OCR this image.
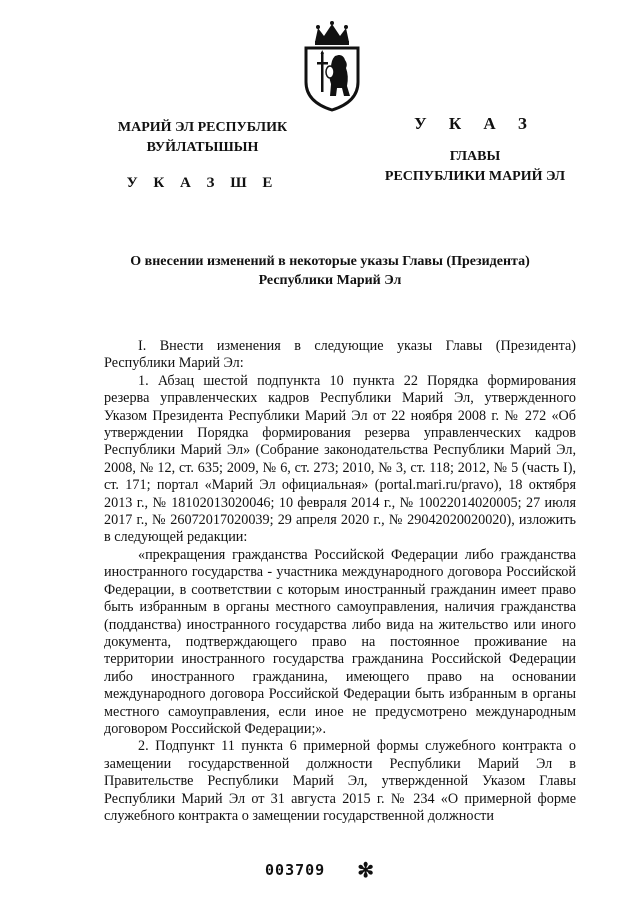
МАРИЙ ЭЛ РЕСПУБЛИК
ВУЙЛАТЫШЫН
У К А З Ш Е
У К А З
ГЛАВЫ
РЕСПУБЛИКИ МАРИЙ ЭЛ
О внесении изменений в некоторые указы Главы (Президента)
Республики Марий Эл

I. Внести изменения в следующие указы Главы (Президента) Республики Марий Эл:

1. Абзац шестой подпункта 10 пункта 22 Порядка формирования резерва управленческих кадров Республики Марий Эл, утвержденного Указом Президента Республики Марий Эл от 22 ноября 2008 г. № 272 «Об утверждении Порядка формирования резерва управленческих кадров Республики Марий Эл» (Собрание законодательства Республики Марий Эл, 2008, № 12, ст. 635; 2009, № 6, ст. 273; 2010, № 3, ст. 118; 2012, № 5 (часть I), ст. 171; портал «Марий Эл официальная» (portal.mari.ru/pravo), 18 октября 2013 г., № 18102013020046; 10 февраля 2014 г., № 10022014020005; 27 июля 2017 г., № 26072017020039; 29 апреля 2020 г., № 29042020020020), изложить в следующей редакции:

«прекращения гражданства Российской Федерации либо гражданства иностранного государства - участника международного договора Российской Федерации, в соответствии с которым иностранный гражданин имеет право быть избранным в органы местного самоуправления, наличия гражданства (подданства) иностранного государства либо вида на жительство или иного документа, подтверждающего право на постоянное проживание на территории иностранного государства гражданина Российской Федерации либо иностранного гражданина, имеющего право на основании международного договора Российской Федерации быть избранным в органы местного самоуправления, если иное не предусмотрено международным договором Российской Федерации;».

2. Подпункт 11 пункта 6 примерной формы служебного контракта о замещении государственной должности Республики Марий Эл в Правительстве Республики Марий Эл, утвержденной Указом Главы Республики Марий Эл от 31 августа 2015 г. № 234 «О примерной форме служебного контракта о замещении государственной должности

003709 ✻
